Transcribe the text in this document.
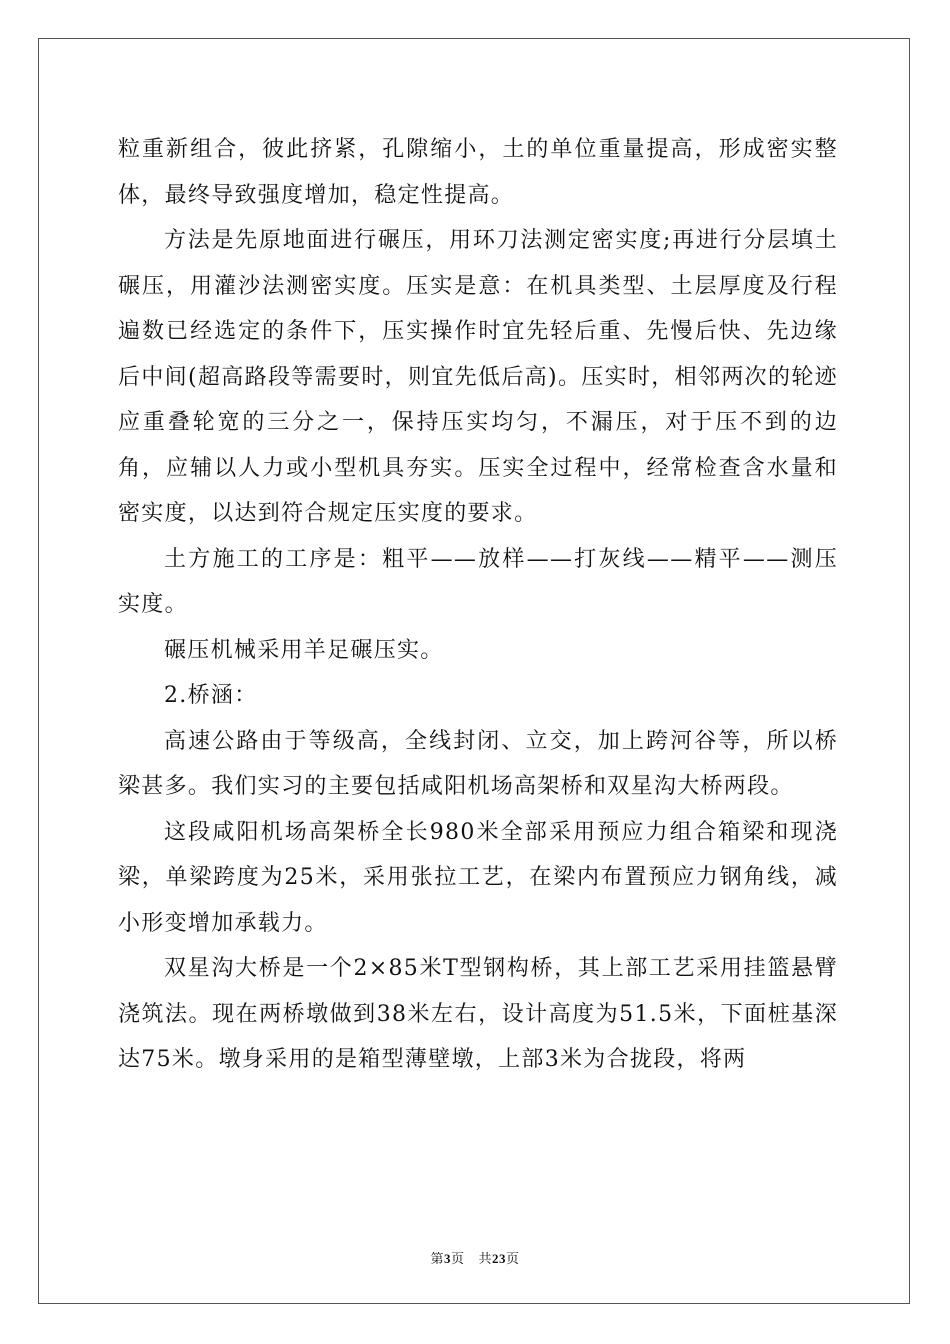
粒重新组合，彼此挤紧，孔隙缩小，土的单位重量提高，形成密实整体，最终导致强度增加，稳定性提高。

方法是先原地面进行碾压，用环刀法测定密实度;再进行分层填土碾压，用灌沙法测密实度。压实是意：在机具类型、土层厚度及行程遍数已经选定的条件下，压实操作时宜先轻后重、先慢后快、先边缘后中间(超高路段等需要时，则宜先低后高)。压实时，相邻两次的轮迹应重叠轮宽的三分之一，保持压实均匀，不漏压，对于压不到的边角，应辅以人力或小型机具夯实。压实全过程中，经常检查含水量和密实度，以达到符合规定压实度的要求。

土方施工的工序是：粗平——放样——打灰线——精平——测压实度。

碾压机械采用羊足碾压实。

2.桥涵：

高速公路由于等级高，全线封闭、立交，加上跨河谷等，所以桥梁甚多。我们实习的主要包括咸阳机场高架桥和双星沟大桥两段。

这段咸阳机场高架桥全长980米全部采用预应力组合箱梁和现浇梁，单梁跨度为25米，采用张拉工艺，在梁内布置预应力钢角线，减小形变增加承载力。

双星沟大桥是一个2×85米T型钢构桥，其上部工艺采用挂篮悬臂浇筑法。现在两桥墩做到38米左右，设计高度为51.5米，下面桩基深达75米。墩身采用的是箱型薄壁墩，上部3米为合拢段，将两

第3页 共23页
